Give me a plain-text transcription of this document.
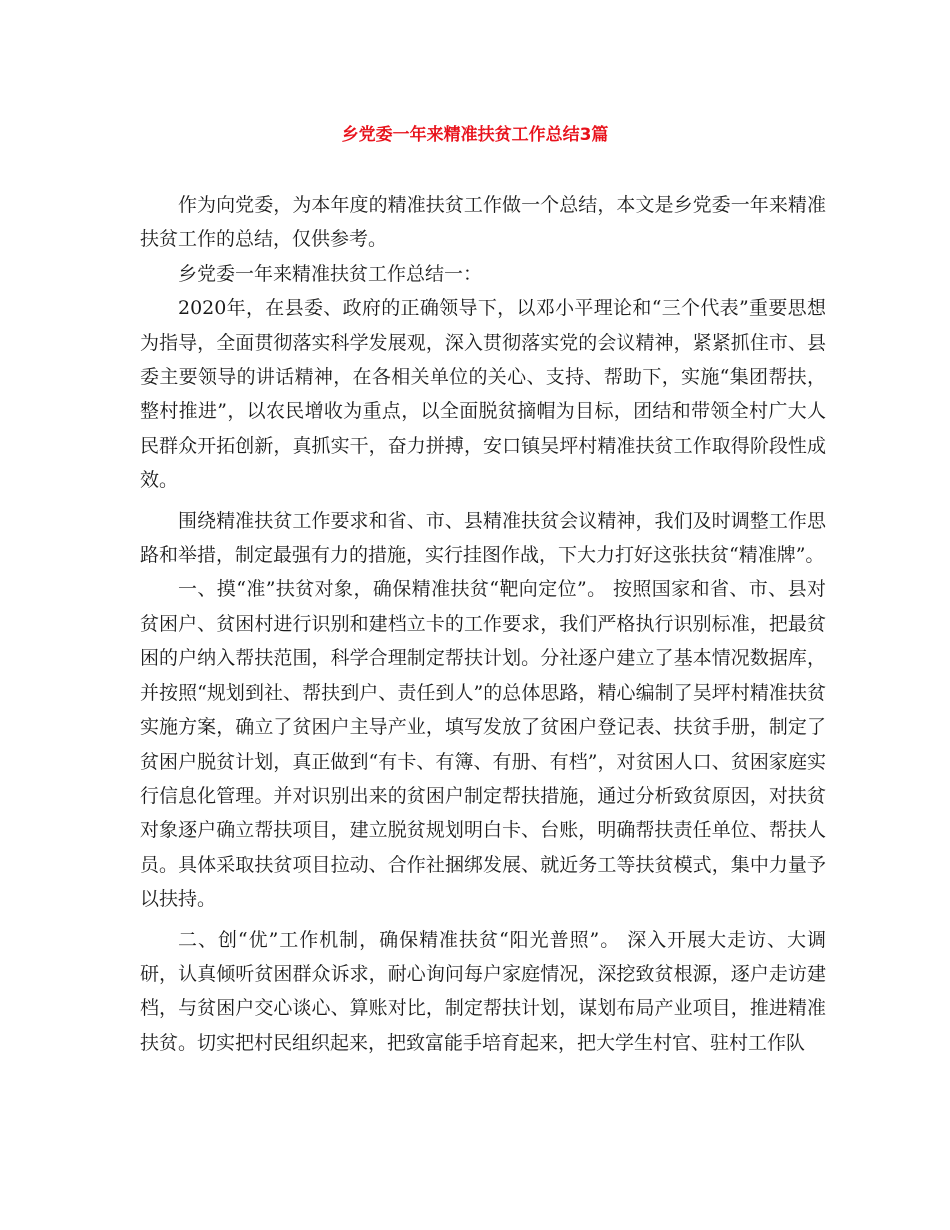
乡党委一年来精准扶贫工作总结3篇

作为向党委，为本年度的精准扶贫工作做一个总结，本文是乡党委一年来精准扶贫工作的总结，仅供参考。

乡党委一年来精准扶贫工作总结一：

2020年，在县委、政府的正确领导下，以邓小平理论和“三个代表”重要思想为指导，全面贯彻落实科学发展观，深入贯彻落实党的会议精神，紧紧抓住市、县委主要领导的讲话精神，在各相关单位的关心、支持、帮助下，实施“集团帮扶，整村推进”，以农民增收为重点，以全面脱贫摘帽为目标，团结和带领全村广大人民群众开拓创新，真抓实干，奋力拼搏，安口镇吴坪村精准扶贫工作取得阶段性成效。

围绕精准扶贫工作要求和省、市、县精准扶贫会议精神，我们及时调整工作思路和举措，制定最强有力的措施，实行挂图作战，下大力打好这张扶贫“精准牌”。

一、摸“准”扶贫对象，确保精准扶贫“靶向定位”。 按照国家和省、市、县对贫困户、贫困村进行识别和建档立卡的工作要求，我们严格执行识别标准，把最贫困的户纳入帮扶范围，科学合理制定帮扶计划。分社逐户建立了基本情况数据库，并按照“规划到社、帮扶到户、责任到人”的总体思路，精心编制了吴坪村精准扶贫实施方案，确立了贫困户主导产业，填写发放了贫困户登记表、扶贫手册，制定了贫困户脱贫计划，真正做到“有卡、有簿、有册、有档”，对贫困人口、贫困家庭实行信息化管理。并对识别出来的贫困户制定帮扶措施，通过分析致贫原因，对扶贫对象逐户确立帮扶项目，建立脱贫规划明白卡、台账，明确帮扶责任单位、帮扶人员。具体采取扶贫项目拉动、合作社捆绑发展、就近务工等扶贫模式，集中力量予以扶持。

二、创“优”工作机制，确保精准扶贫“阳光普照”。 深入开展大走访、大调研，认真倾听贫困群众诉求，耐心询问每户家庭情况，深挖致贫根源，逐户走访建档，与贫困户交心谈心、算账对比，制定帮扶计划，谋划布局产业项目，推进精准扶贫。切实把村民组织起来，把致富能手培育起来，把大学生村官、驻村工作队
